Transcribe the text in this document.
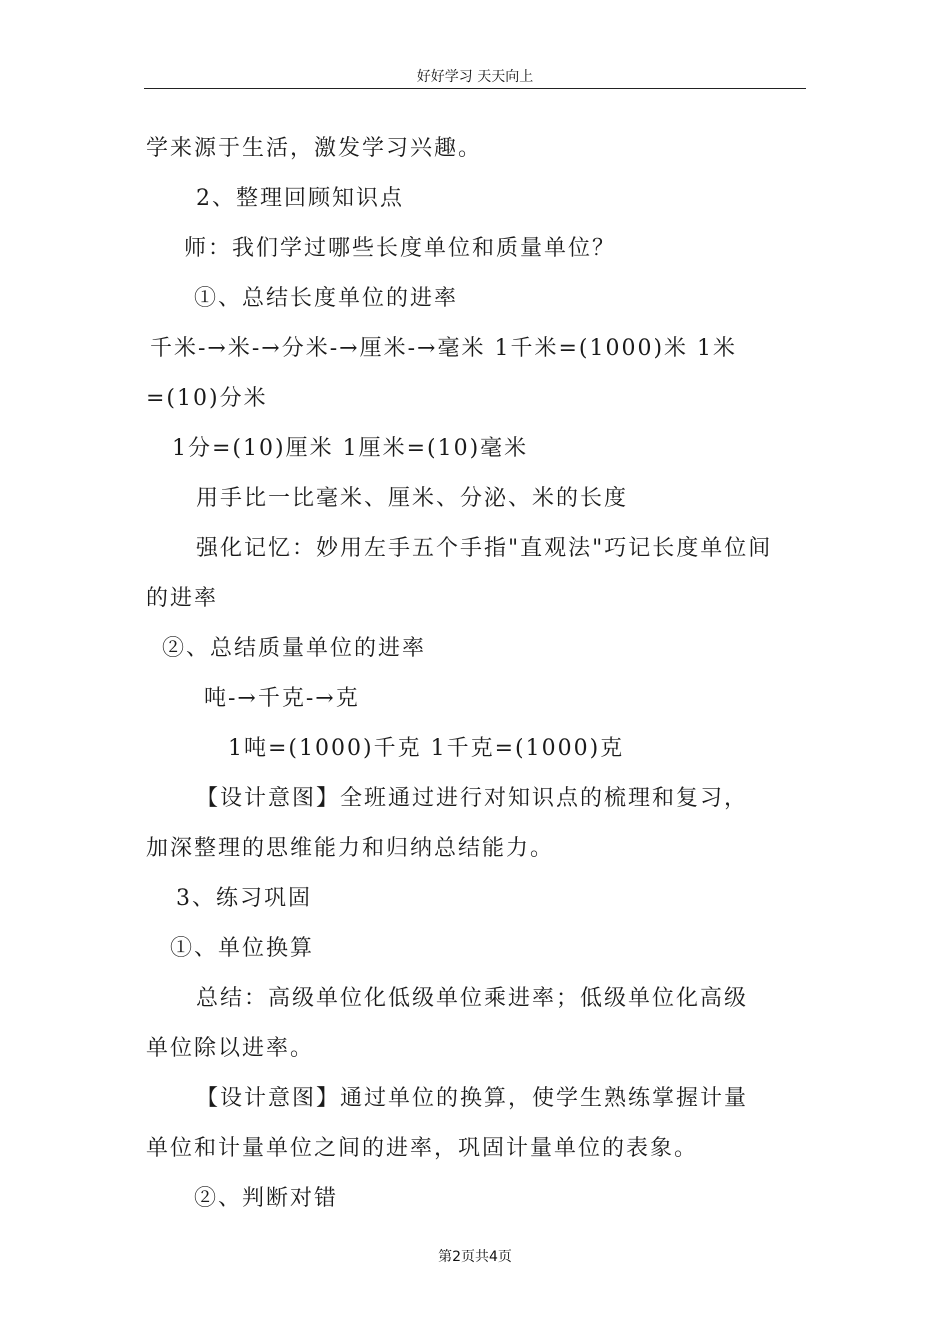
好好学习 天天向上
学来源于生活，激发学习兴趣。
2、整理回顾知识点
师：我们学过哪些长度单位和质量单位？
①、总结长度单位的进率
千米-→米-→分米-→厘米-→毫米 1千米=(1000)米 1米
=(10)分米
1分=(10)厘米 1厘米=(10)毫米
用手比一比毫米、厘米、分泌、米的长度
强化记忆：妙用左手五个手指"直观法"巧记长度单位间
的进率
②、总结质量单位的进率
吨-→千克-→克
1吨=(1000)千克 1千克=(1000)克
【设计意图】全班通过进行对知识点的梳理和复习，
加深整理的思维能力和归纳总结能力。
3、练习巩固
①、单位换算
总结：高级单位化低级单位乘进率；低级单位化高级
单位除以进率。
【设计意图】通过单位的换算，使学生熟练掌握计量
单位和计量单位之间的进率，巩固计量单位的表象。
②、判断对错
第2页共4页
